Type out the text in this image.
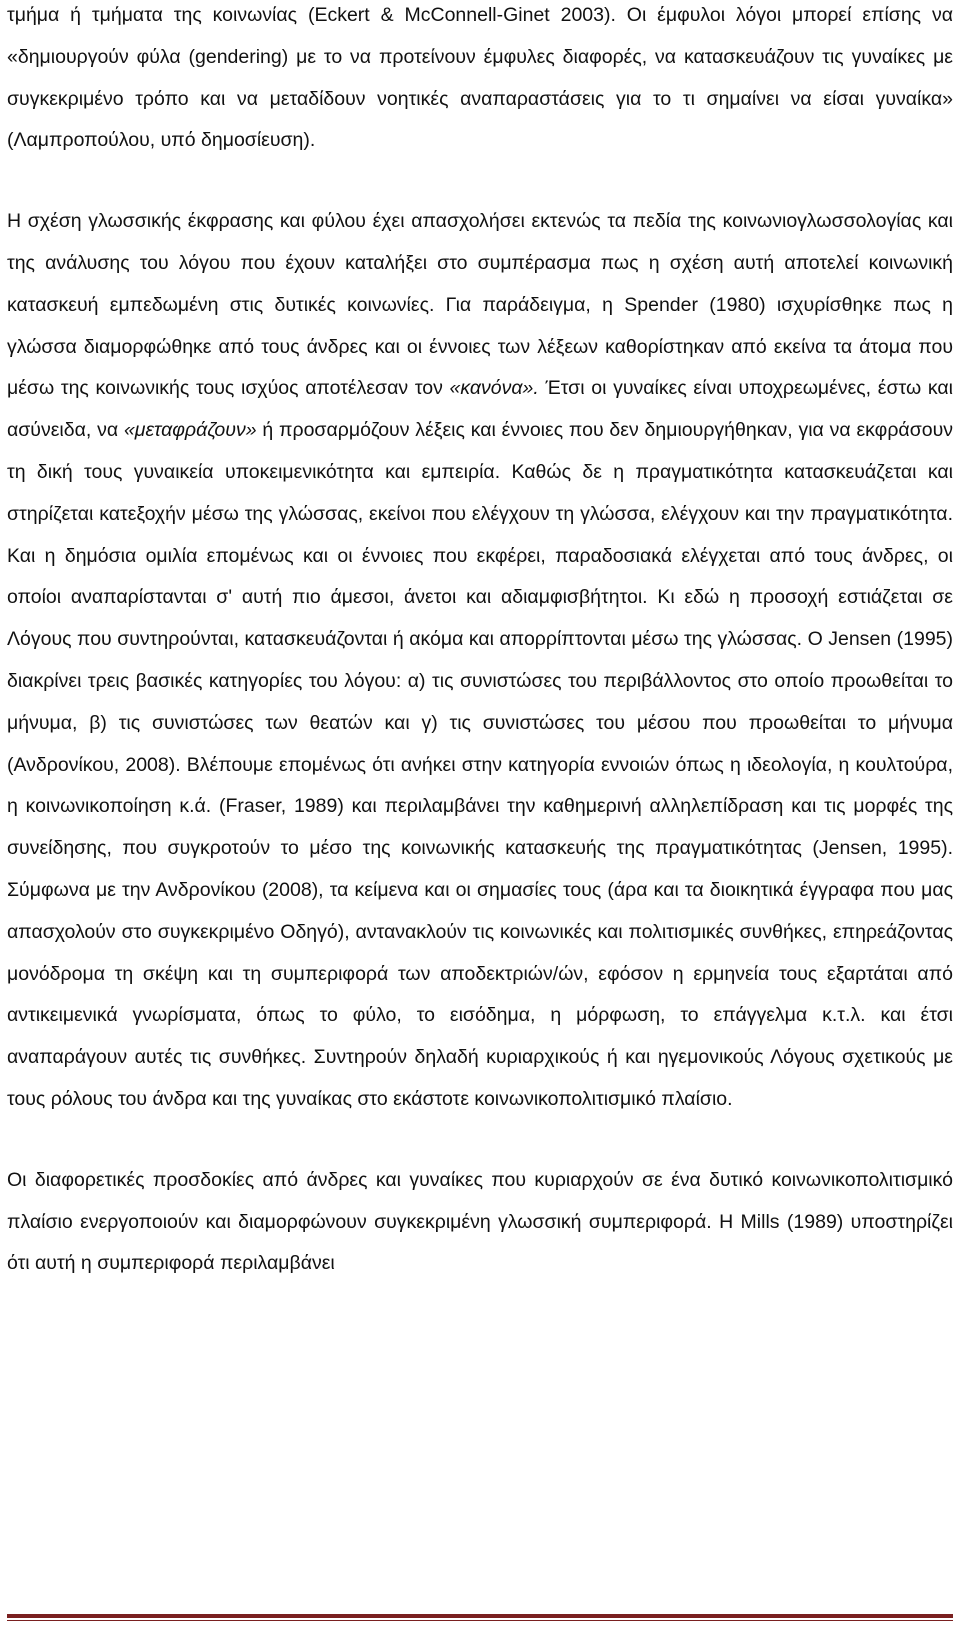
τμήμα ή τμήματα της κοινωνίας (Eckert & McConnell-Ginet 2003). Οι έμφυλοι λόγοι μπορεί επίσης να «δημιουργούν φύλα (gendering) με το να προτείνουν έμφυλες διαφορές, να κατασκευάζουν τις γυναίκες με συγκεκριμένο τρόπο και να μεταδίδουν νοητικές αναπαραστάσεις για το τι σημαίνει να είσαι γυναίκα» (Λαμπροπούλου, υπό δημοσίευση).

Η σχέση γλωσσικής έκφρασης και φύλου έχει απασχολήσει εκτενώς τα πεδία της κοινωνιογλωσσολογίας και της ανάλυσης του λόγου που έχουν καταλήξει στο συμπέρασμα πως η σχέση αυτή αποτελεί κοινωνική κατασκευή εμπεδωμένη στις δυτικές κοινωνίες. Για παράδειγμα, η Spender (1980) ισχυρίσθηκε πως η γλώσσα διαμορφώθηκε από τους άνδρες και οι έννοιες των λέξεων καθορίστηκαν από εκείνα τα άτομα που μέσω της κοινωνικής τους ισχύος αποτέλεσαν τον «κανόνα». Έτσι οι γυναίκες είναι υποχρεωμένες, έστω και ασύνειδα, να «μεταφράζουν» ή προσαρμόζουν λέξεις και έννοιες που δεν δημιουργήθηκαν, για να εκφράσουν τη δική τους γυναικεία υποκειμενικότητα και εμπειρία. Καθώς δε η πραγματικότητα κατασκευάζεται και στηρίζεται κατεξοχήν μέσω της γλώσσας, εκείνοι που ελέγχουν τη γλώσσα, ελέγχουν και την πραγματικότητα. Και η δημόσια ομιλία επομένως και οι έννοιες που εκφέρει, παραδοσιακά ελέγχεται από τους άνδρες, οι οποίοι αναπαρίστανται σ' αυτή πιο άμεσοι, άνετοι και αδιαμφισβήτητοι. Κι εδώ η προσοχή εστιάζεται σε Λόγους που συντηρούνται, κατασκευάζονται ή ακόμα και απορρίπτονται μέσω της γλώσσας. Ο Jensen (1995) διακρίνει τρεις βασικές κατηγορίες του λόγου: α) τις συνιστώσες του περιβάλλοντος στο οποίο προωθείται το μήνυμα, β) τις συνιστώσες των θεατών και γ) τις συνιστώσες του μέσου που προωθείται το μήνυμα (Ανδρονίκου, 2008). Βλέπουμε επομένως ότι ανήκει στην κατηγορία εννοιών όπως η ιδεολογία, η κουλτούρα, η κοινωνικοποίηση κ.ά. (Fraser, 1989) και περιλαμβάνει την καθημερινή αλληλεπίδραση και τις μορφές της συνείδησης, που συγκροτούν το μέσο της κοινωνικής κατασκευής της πραγματικότητας (Jensen, 1995). Σύμφωνα με την Ανδρονίκου (2008), τα κείμενα και οι σημασίες τους (άρα και τα διοικητικά έγγραφα που μας απασχολούν στο συγκεκριμένο Οδηγό), αντανακλούν τις κοινωνικές και πολιτισμικές συνθήκες, επηρεάζοντας μονόδρομα τη σκέψη και τη συμπεριφορά των αποδεκτριών/ών, εφόσον η ερμηνεία τους εξαρτάται από αντικειμενικά γνωρίσματα, όπως το φύλο, το εισόδημα, η μόρφωση, το επάγγελμα κ.τ.λ. και έτσι αναπαράγουν αυτές τις συνθήκες. Συντηρούν δηλαδή κυριαρχικούς ή και ηγεμονικούς Λόγους σχετικούς με τους ρόλους του άνδρα και της γυναίκας στο εκάστοτε κοινωνικοπολιτισμικό πλαίσιο.

Οι διαφορετικές προσδοκίες από άνδρες και γυναίκες που κυριαρχούν σε ένα δυτικό κοινωνικοπολιτισμικό πλαίσιο ενεργοποιούν και διαμορφώνουν συγκεκριμένη γλωσσική συμπεριφορά. Η Mills (1989) υποστηρίζει ότι αυτή η συμπεριφορά περιλαμβάνει
